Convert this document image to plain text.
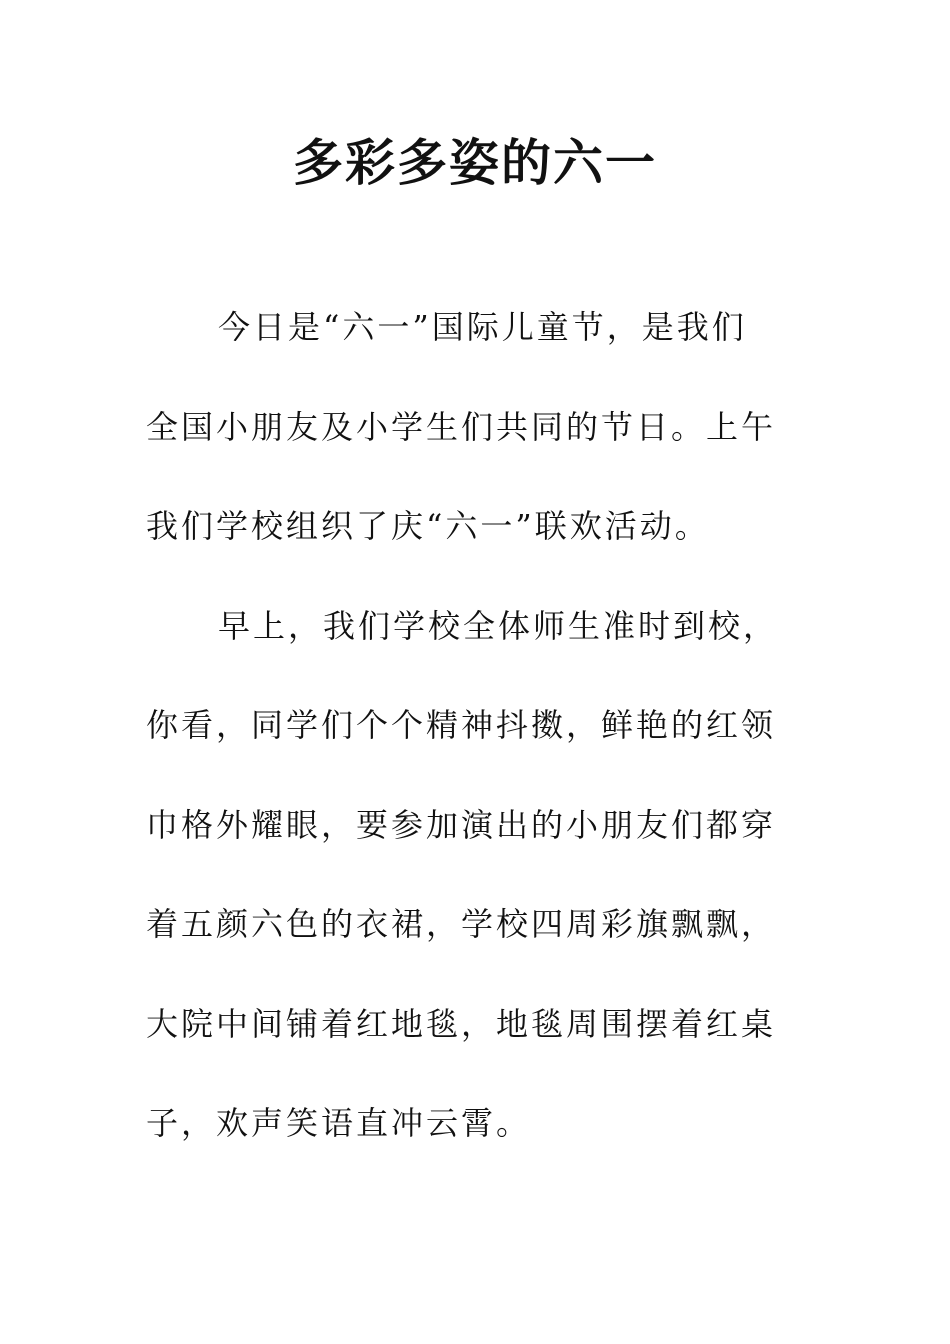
多彩多姿的六一
今日是“六一”国际儿童节，是我们
全国小朋友及小学生们共同的节日。上午
我们学校组织了庆“六一”联欢活动。
早上，我们学校全体师生准时到校，
你看，同学们个个精神抖擞，鲜艳的红领
巾格外耀眼，要参加演出的小朋友们都穿
着五颜六色的衣裙，学校四周彩旗飘飘，
大院中间铺着红地毯，地毯周围摆着红桌
子，欢声笑语直冲云霄。
